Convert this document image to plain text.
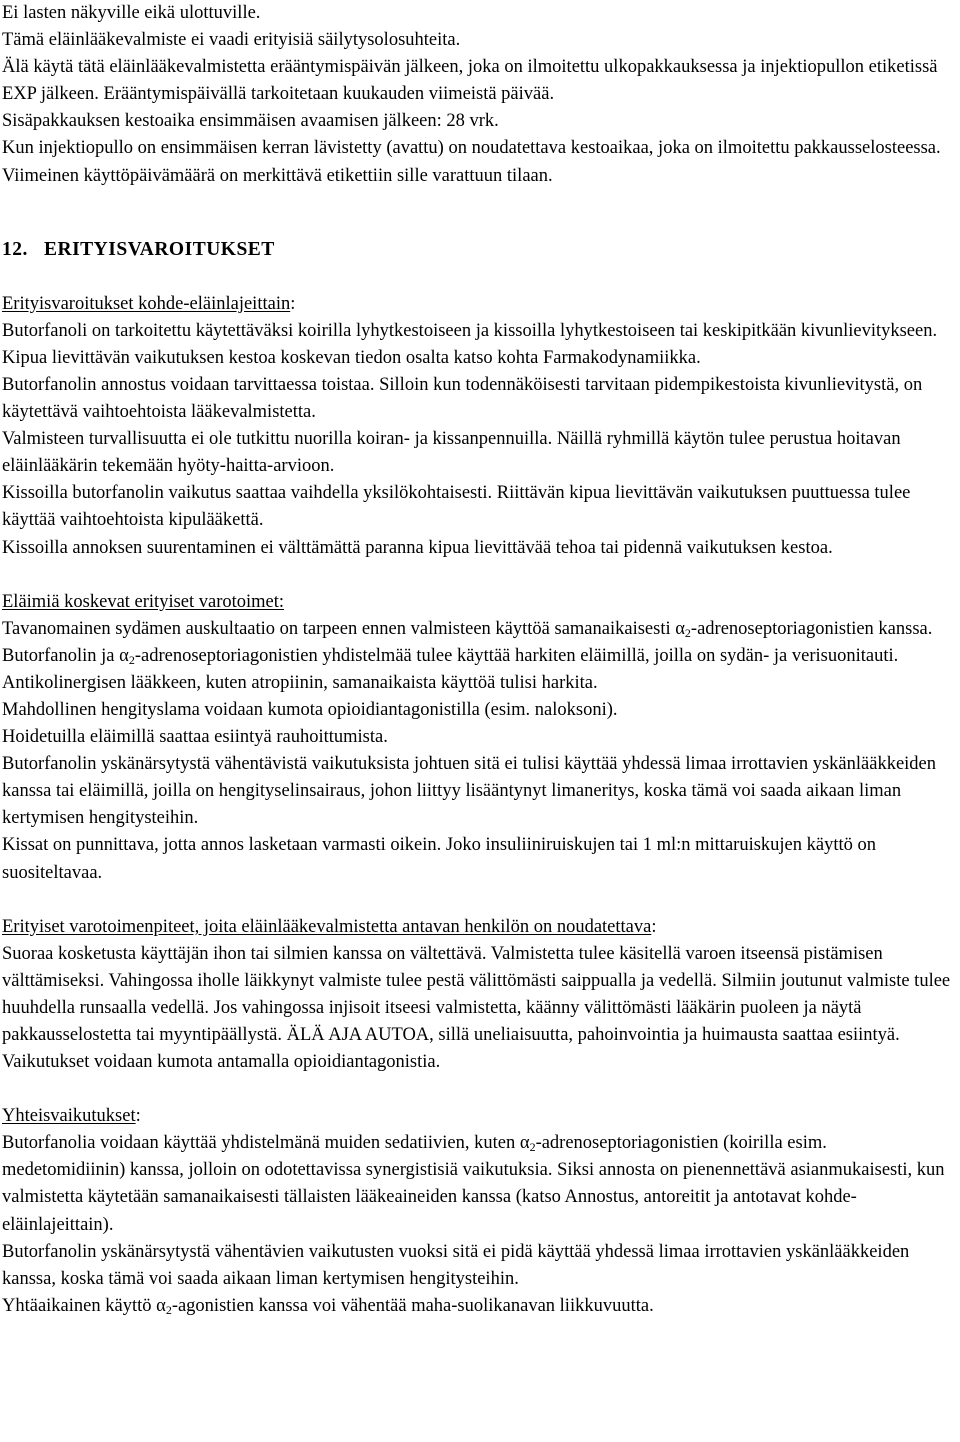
Ei lasten näkyville eikä ulottuville.

Tämä eläinlääkevalmiste ei vaadi erityisiä säilytysolosuhteita.

Älä käytä tätä eläinlääkevalmistetta erääntymispäivän jälkeen, joka on ilmoitettu ulkopakkauksessa ja injektiopullon etiketissä EXP jälkeen. Erääntymispäivällä tarkoitetaan kuukauden viimeistä päivää.

Sisäpakkauksen kestoaika ensimmäisen avaamisen jälkeen: 28 vrk.

Kun injektiopullo on ensimmäisen kerran lävistetty (avattu) on noudatettava kestoaikaa, joka on ilmoitettu pakkausselosteessa. Viimeinen käyttöpäivämäärä on merkittävä etikettiin sille varattuun tilaan.

12. ERITYISVAROITUKSET

Erityisvaroitukset kohde-eläinlajeittain:

Butorfanoli on tarkoitettu käytettäväksi koirilla lyhytkestoiseen ja kissoilla lyhytkestoiseen tai keskipitkään kivunlievitykseen. Kipua lievittävän vaikutuksen kestoa koskevan tiedon osalta katso kohta Farmakodynamiikka.

Butorfanolin annostus voidaan tarvittaessa toistaa. Silloin kun todennäköisesti tarvitaan pidempikestoista kivunlievitystä, on käytettävä vaihtoehtoista lääkevalmistetta.

Valmisteen turvallisuutta ei ole tutkittu nuorilla koiran- ja kissanpennuilla. Näillä ryhmillä käytön tulee perustua hoitavan eläinlääkärin tekemään hyöty-haitta-arvioon.

Kissoilla butorfanolin vaikutus saattaa vaihdella yksilökohtaisesti. Riittävän kipua lievittävän vaikutuksen puuttuessa tulee käyttää vaihtoehtoista kipulääkettä.

Kissoilla annoksen suurentaminen ei välttämättä paranna kipua lievittävää tehoa tai pidennä vaikutuksen kestoa.

Eläimiä koskevat erityiset varotoimet:

Tavanomainen sydämen auskultaatio on tarpeen ennen valmisteen käyttöä samanaikaisesti $\alpha_2$-adrenoseptoriagonistien kanssa. Butorfanolin ja $\alpha_2$-adrenoseptoriagonistien yhdistelmää tulee käyttää harkiten eläimillä, joilla on sydän- ja verisuonitauti. Antikolinergisen lääkkeen, kuten atropiinin, samanaikaista käyttöä tulisi harkita.

Mahdollinen hengityslama voidaan kumota opioidiantagonistilla (esim. naloksoni).

Hoidetuilla eläimillä saattaa esiintyä rauhoittumista.

Butorfanolin yskänärsytystä vähentävistä vaikutuksista johtuen sitä ei tulisi käyttää yhdessä limaa irrottavien yskänlääkkeiden kanssa tai eläimillä, joilla on hengityselinsairaus, johon liittyy lisääntynyt limaneritys, koska tämä voi saada aikaan liman kertymisen hengitysteihin.

Kissat on punnittava, jotta annos lasketaan varmasti oikein. Joko insuliiniruiskujen tai 1 ml:n mittaruiskujen käyttö on suositeltavaa.

Erityiset varotoimenpiteet, joita eläinlääkevalmistetta antavan henkilön on noudatettava:

Suoraa kosketusta käyttäjän ihon tai silmien kanssa on vältettävä. Valmistetta tulee käsitellä varoen itseensä pistämisen välttämiseksi. Vahingossa iholle läikkynyt valmiste tulee pestä välittömästi saippualla ja vedellä. Silmiin joutunut valmiste tulee huuhdella runsaalla vedellä. Jos vahingossa injisoit itseesi valmistetta, käänny välittömästi lääkärin puoleen ja näytä pakkausselostetta tai myyntipäällystä. ÄLÄ AJA AUTOA, sillä uneliaisuutta, pahoinvointia ja huimausta saattaa esiintyä. Vaikutukset voidaan kumota antamalla opioidiantagonistia.

Yhteisvaikutukset:

Butorfanolia voidaan käyttää yhdistelmänä muiden sedatiivien, kuten $\alpha_2$-adrenoseptoriagonistien (koirilla esim. medetomidiinin) kanssa, jolloin on odotettavissa synergistisiä vaikutuksia. Siksi annosta on pienennettävä asianmukaisesti, kun valmistetta käytetään samanaikaisesti tällaisten lääkeaineiden kanssa (katso Annostus, antoreitit ja antotavat kohde-eläinlajeittain).

Butorfanolin yskänärsytystä vähentävien vaikutusten vuoksi sitä ei pidä käyttää yhdessä limaa irrottavien yskänlääkkeiden kanssa, koska tämä voi saada aikaan liman kertymisen hengitysteihin.

Yhtäaikainen käyttö $\alpha_2$-agonistien kanssa voi vähentää maha-suolikanavan liikkuvuutta.
